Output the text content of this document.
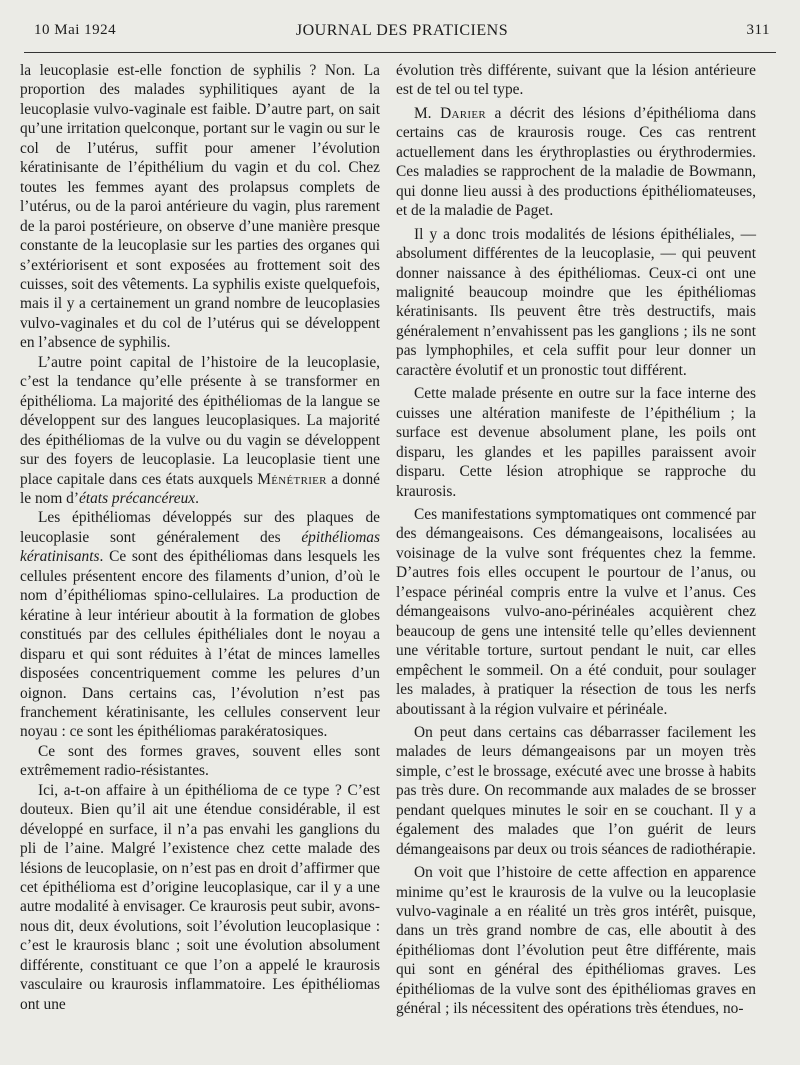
10 Mai 1924	JOURNAL DES PRATICIENS	311

la leucoplasie est-elle fonction de syphilis ? Non. La proportion des malades syphilitiques ayant de la leucoplasie vulvo-vaginale est faible. D’autre part, on sait qu’une irritation quelconque, portant sur le vagin ou sur le col de l’utérus, suffit pour amener l’évolution kératinisante de l’épithélium du vagin et du col. Chez toutes les femmes ayant des prolapsus complets de l’utérus, ou de la paroi antérieure du vagin, plus rarement de la paroi postérieure, on observe d’une manière presque constante de la leucoplasie sur les parties des organes qui s’extériorisent et sont exposées au frottement soit des cuisses, soit des vêtements. La syphilis existe quelquefois, mais il y a certainement un grand nombre de leucoplasies vulvo-vaginales et du col de l’utérus qui se développent en l’absence de syphilis.

L’autre point capital de l’histoire de la leucoplasie, c’est la tendance qu’elle présente à se transformer en épithélioma. La majorité des épithéliomas de la langue se développent sur des langues leucoplasiques. La majorité des épithéliomas de la vulve ou du vagin se développent sur des foyers de leucoplasie. La leucoplasie tient une place capitale dans ces états auxquels Ménétrier a donné le nom d’états précancéreux.

Les épithéliomas développés sur des plaques de leucoplasie sont généralement des épithéliomas kératinisants. Ce sont des épithéliomas dans lesquels les cellules présentent encore des filaments d’union, d’où le nom d’épithéliomas spino-cellulaires. La production de kératine à leur intérieur aboutit à la formation de globes constitués par des cellules épithéliales dont le noyau a disparu et qui sont réduites à l’état de minces lamelles disposées concentriquement comme les pelures d’un oignon. Dans certains cas, l’évolution n’est pas franchement kératinisante, les cellules conservent leur noyau : ce sont les épithéliomas parakératosiques.

Ce sont des formes graves, souvent elles sont extrêmement radio-résistantes.

Ici, a-t-on affaire à un épithélioma de ce type ? C’est douteux. Bien qu’il ait une étendue considérable, il est développé en surface, il n’a pas envahi les ganglions du pli de l’aine. Malgré l’existence chez cette malade des lésions de leucoplasie, on n’est pas en droit d’affirmer que cet épithélioma est d’origine leucoplasique, car il y a une autre modalité à envisager. Ce kraurosis peut subir, avons-nous dit, deux évolutions, soit l’évolution leucoplasique : c’est le kraurosis blanc ; soit une évolution absolument différente, constituant ce que l’on a appelé le kraurosis vasculaire ou kraurosis inflammatoire. Les épithéliomas ont une

évolution très différente, suivant que la lésion antérieure est de tel ou tel type.

M. Darier a décrit des lésions d’épithélioma dans certains cas de kraurosis rouge. Ces cas rentrent actuellement dans les érythroplasties ou érythrodermies. Ces maladies se rapprochent de la maladie de Bowmann, qui donne lieu aussi à des productions épithéliomateuses, et de la maladie de Paget.

Il y a donc trois modalités de lésions épithéliales, — absolument différentes de la leucoplasie, — qui peuvent donner naissance à des épithéliomas. Ceux-ci ont une malignité beaucoup moindre que les épithéliomas kératinisants. Ils peuvent être très destructifs, mais généralement n’envahissent pas les ganglions ; ils ne sont pas lymphophiles, et cela suffit pour leur donner un caractère évolutif et un pronostic tout différent.

Cette malade présente en outre sur la face interne des cuisses une altération manifeste de l’épithélium ; la surface est devenue absolument plane, les poils ont disparu, les glandes et les papilles paraissent avoir disparu. Cette lésion atrophique se rapproche du kraurosis.

Ces manifestations symptomatiques ont commencé par des démangeaisons. Ces démangeaisons, localisées au voisinage de la vulve sont fréquentes chez la femme. D’autres fois elles occupent le pourtour de l’anus, ou l’espace périnéal compris entre la vulve et l’anus. Ces démangeaisons vulvo-ano-périnéales acquièrent chez beaucoup de gens une intensité telle qu’elles deviennent une véritable torture, surtout pendant le nuit, car elles empêchent le sommeil. On a été conduit, pour soulager les malades, à pratiquer la résection de tous les nerfs aboutissant à la région vulvaire et périnéale.

On peut dans certains cas débarrasser facilement les malades de leurs démangeaisons par un moyen très simple, c’est le brossage, exécuté avec une brosse à habits pas très dure. On recommande aux malades de se brosser pendant quelques minutes le soir en se couchant. Il y a également des malades que l’on guérit de leurs démangeaisons par deux ou trois séances de radiothérapie.

On voit que l’histoire de cette affection en apparence minime qu’est le kraurosis de la vulve ou la leucoplasie vulvo-vaginale a en réalité un très gros intérêt, puisque, dans un très grand nombre de cas, elle aboutit à des épithéliomas dont l’évolution peut être différente, mais qui sont en général des épithéliomas graves. Les épithéliomas de la vulve sont des épithéliomas graves en général ; ils nécessitent des opérations très étendues, no-
